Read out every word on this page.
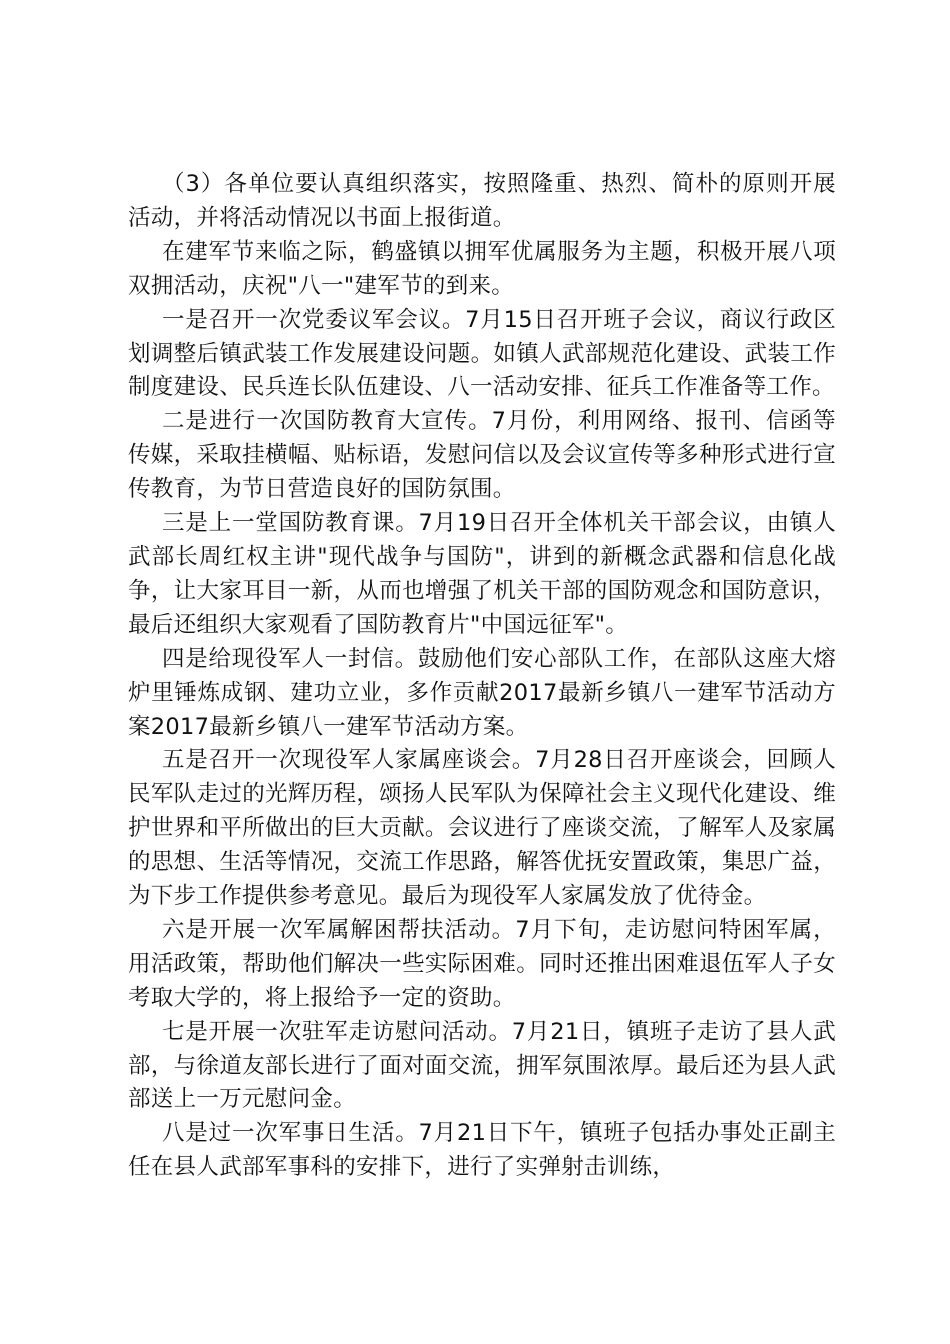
（3）各单位要认真组织落实，按照隆重、热烈、简朴的原则开展活动，并将活动情况以书面上报街道。

在建军节来临之际，鹤盛镇以拥军优属服务为主题，积极开展八项双拥活动，庆祝"八一"建军节的到来。

一是召开一次党委议军会议。7月15日召开班子会议，商议行政区划调整后镇武装工作发展建设问题。如镇人武部规范化建设、武装工作制度建设、民兵连长队伍建设、八一活动安排、征兵工作准备等工作。

二是进行一次国防教育大宣传。7月份，利用网络、报刊、信函等传媒，采取挂横幅、贴标语，发慰问信以及会议宣传等多种形式进行宣传教育，为节日营造良好的国防氛围。

三是上一堂国防教育课。7月19日召开全体机关干部会议，由镇人武部长周红权主讲"现代战争与国防"，讲到的新概念武器和信息化战争，让大家耳目一新，从而也增强了机关干部的国防观念和国防意识，最后还组织大家观看了国防教育片"中国远征军"。

四是给现役军人一封信。鼓励他们安心部队工作，在部队这座大熔炉里锤炼成钢、建功立业，多作贡献2017最新乡镇八一建军节活动方案2017最新乡镇八一建军节活动方案。

五是召开一次现役军人家属座谈会。7月28日召开座谈会，回顾人民军队走过的光辉历程，颂扬人民军队为保障社会主义现代化建设、维护世界和平所做出的巨大贡献。会议进行了座谈交流，了解军人及家属的思想、生活等情况，交流工作思路，解答优抚安置政策，集思广益，为下步工作提供参考意见。最后为现役军人家属发放了优待金。

六是开展一次军属解困帮扶活动。7月下旬，走访慰问特困军属，用活政策，帮助他们解决一些实际困难。同时还推出困难退伍军人子女考取大学的，将上报给予一定的资助。

七是开展一次驻军走访慰问活动。7月21日，镇班子走访了县人武部，与徐道友部长进行了面对面交流，拥军氛围浓厚。最后还为县人武部送上一万元慰问金。

八是过一次军事日生活。7月21日下午，镇班子包括办事处正副主任在县人武部军事科的安排下，进行了实弹射击训练，
